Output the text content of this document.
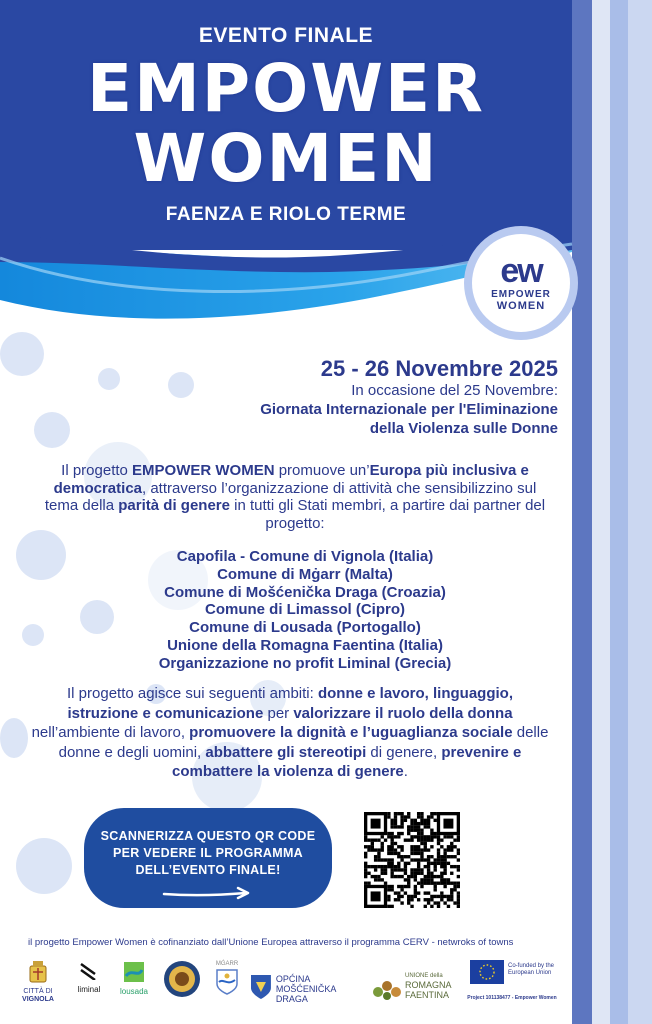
EVENTO FINALE
EMPOWER
WOMEN
FAENZA E RIOLO TERME
ew
EMPOWER
WOMEN
25 - 26 Novembre 2025
In occasione del 25 Novembre:
Giornata Internazionale per l'Eliminazione
della Violenza sulle Donne
Il progetto EMPOWER WOMEN promuove un’Europa più inclusiva e democratica, attraverso l’organizzazione di attività che sensibilizzino sul tema della parità di genere in tutti gli Stati membri, a partire dai partner del progetto:
Capofila - Comune di Vignola (Italia)
Comune di Mġarr (Malta)
Comune di Mošćenička Draga (Croazia)
Comune di Limassol (Cipro)
Comune di Lousada (Portogallo)
Unione della Romagna Faentina (Italia)
Organizzazione no profit Liminal (Grecia)
Il progetto agisce sui seguenti ambiti: donne e lavoro, linguaggio, istruzione e comunicazione per valorizzare il ruolo della donna nell’ambiente di lavoro, promuovere la dignità e l’uguaglianza sociale delle donne e degli uomini, abbattere gli stereotipi di genere, prevenire e combattere la violenza di genere.
SCANNERIZZA QUESTO QR CODE
PER VEDERE IL PROGRAMMA
DELL’EVENTO FINALE!
il progetto Empower Women è cofinanziato dall’Unione Europea attraverso il programma CERV - netwroks of towns
CITTÀ DI
VIGNOLA
liminal lousada
MĠARR
OPĆINA
MOŠĆENIČKA DRAGA
UNIONE della
ROMAGNA
FAENTINA
Co-funded by the
European Union
Project 101138477 - Empower Women
